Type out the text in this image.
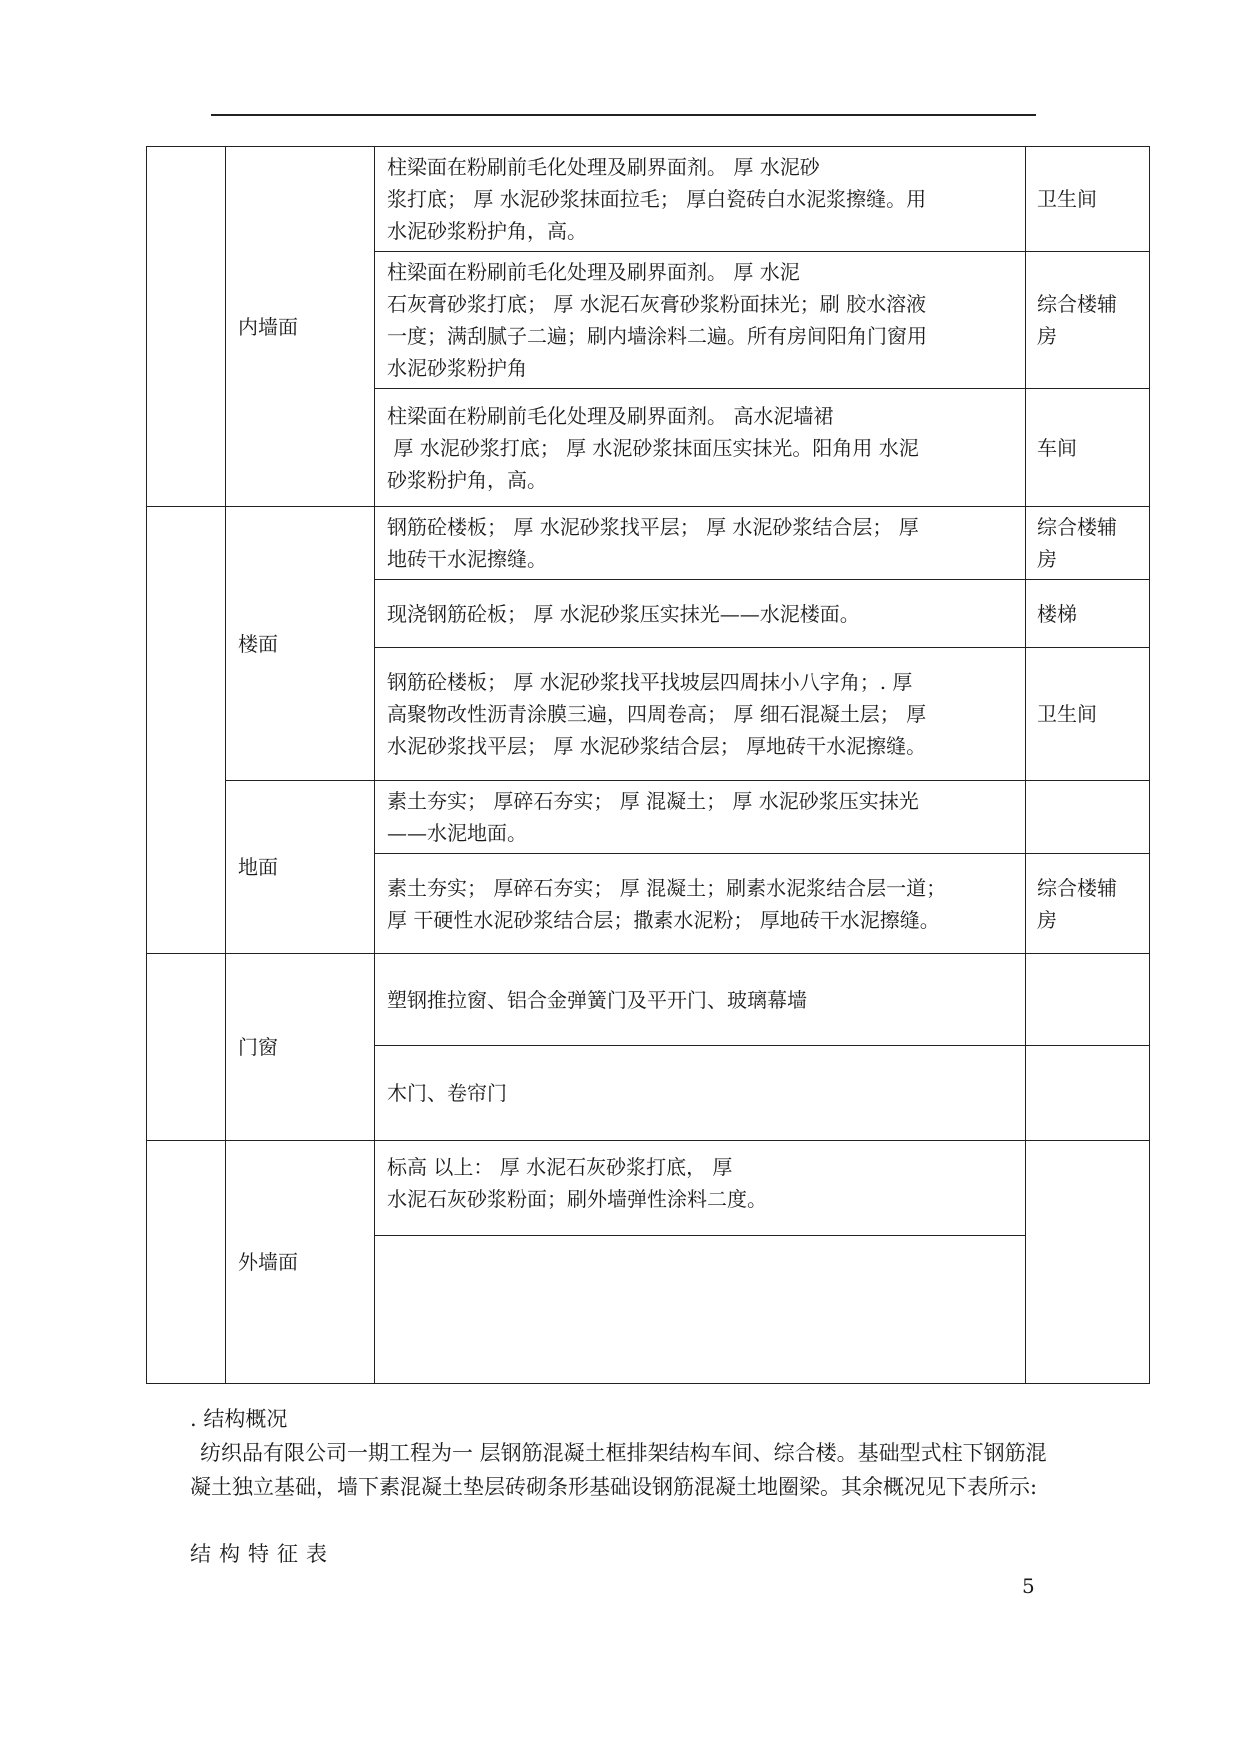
	内墙面	柱梁面在粉刷前毛化处理及刷界面剂。 厚 水泥砂
浆打底； 厚 水泥砂浆抹面拉毛； 厚白瓷砖白水泥浆擦缝。用
水泥砂浆粉护角，高。	卫生间

		柱梁面在粉刷前毛化处理及刷界面剂。 厚 水泥
石灰膏砂浆打底； 厚 水泥石灰膏砂浆粉面抹光；刷 胶水溶液
一度；满刮腻子二遍；刷内墙涂料二遍。所有房间阳角门窗用
水泥砂浆粉护角	综合楼辅
房

		柱梁面在粉刷前毛化处理及刷界面剂。 高水泥墙裙
厚 水泥砂浆打底； 厚 水泥砂浆抹面压实抹光。阳角用 水泥
砂浆粉护角，高。	车间
	楼面	钢筋砼楼板； 厚 水泥砂浆找平层； 厚 水泥砂浆结合层； 厚
地砖干水泥擦缝。	综合楼辅
房

		现浇钢筋砼板； 厚 水泥砂浆压实抹光——水泥楼面。	楼梯

		钢筋砼楼板； 厚 水泥砂浆找平找坡层四周抹小八字角；. 厚
高聚物改性沥青涂膜三遍，四周卷高； 厚 细石混凝土层； 厚
水泥砂浆找平层； 厚 水泥砂浆结合层； 厚地砖干水泥擦缝。	卫生间
	地面	素土夯实； 厚碎石夯实； 厚 混凝土； 厚 水泥砂浆压实抹光
——水泥地面。	

		素土夯实； 厚碎石夯实； 厚 混凝土；刷素水泥浆结合层一道；
厚 干硬性水泥砂浆结合层；撒素水泥粉； 厚地砖干水泥擦缝。	综合楼辅
房

	门窗	塑钢推拉窗、铝合金弹簧门及平开门、玻璃幕墙	
		木门、卷帘门	
	外墙面	标高 以上： 厚 水泥石灰砂浆打底， 厚
水泥石灰砂浆粉面；刷外墙弹性涂料二度。	

. 结构概况
纺织品有限公司一期工程为一 层钢筋混凝土框排架结构车间、综合楼。基础型式柱下钢筋混凝土独立基础，墙下素混凝土垫层砖砌条形基础设钢筋混凝土地圈梁。其余概况见下表所示:
结构特征表
5
